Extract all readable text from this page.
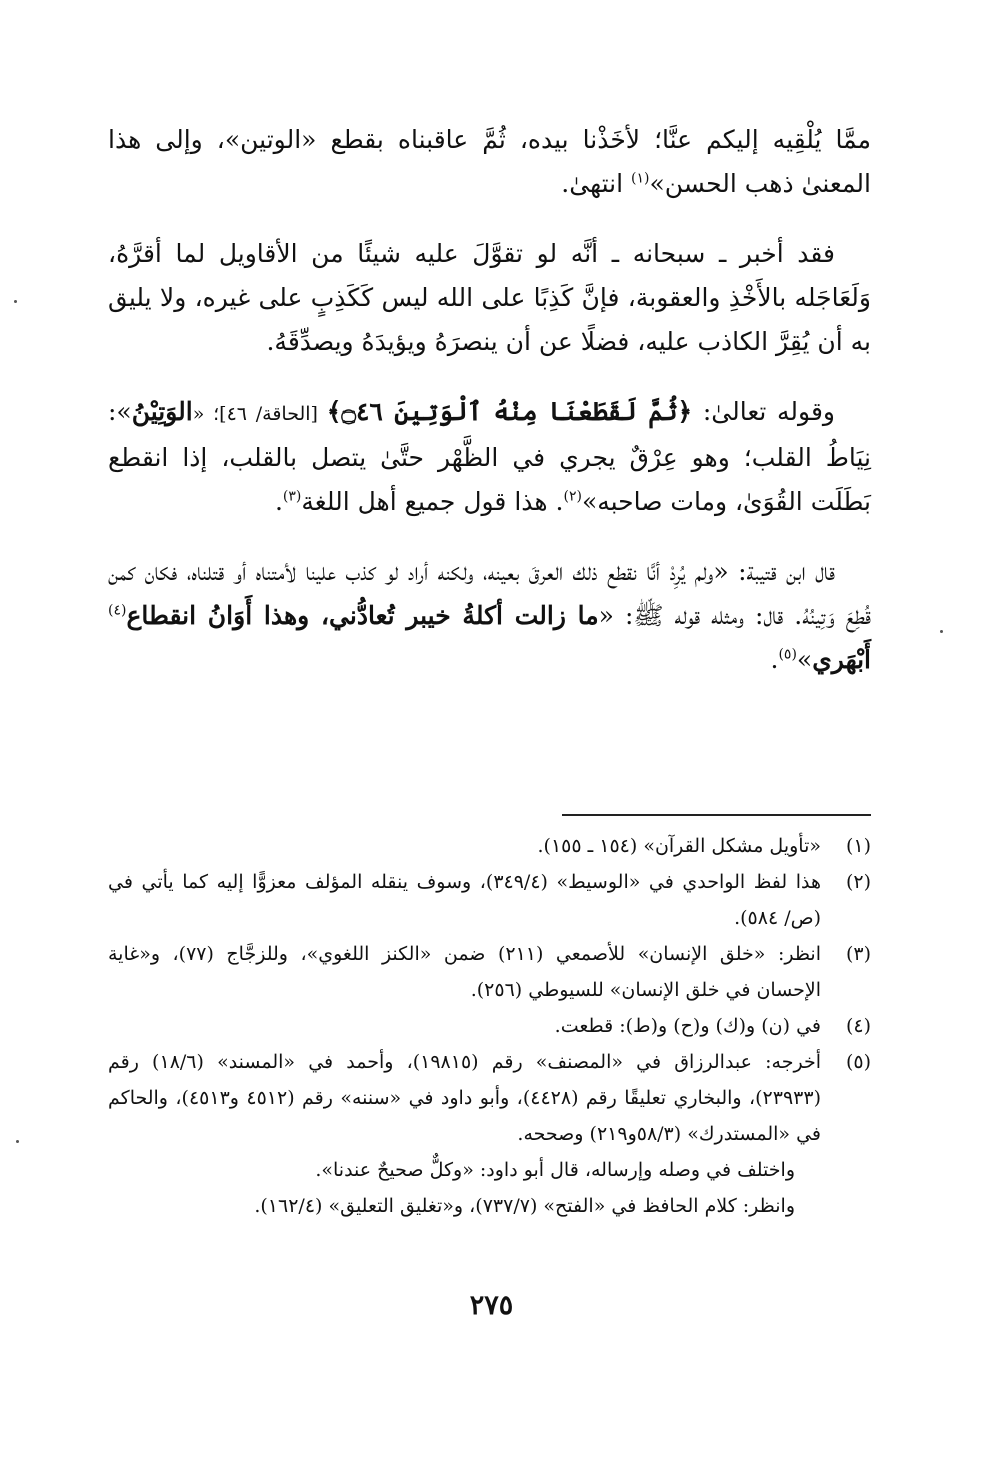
ممَّا يُلْقِيه إليكم عنَّا؛ لأخَذْنا بيده، ثُمَّ عاقبناه بقطع «الوتين»، وإلى هذا المعنىٰ ذهب الحسن»$^{(١)}$ انتهىٰ.

فقد أخبر ـ سبحانه ـ أنَّه لو تقوَّلَ عليه شيئًا من الأقاويل لما أقرَّهُ، وَلَعَاجَله بالأَخْذِ والعقوبة، فإنَّ كَذِبًا على الله ليس كَكَذِبٍ على غيره، ولا يليق به أن يُقِرَّ الكاذب عليه، فضلًا عن أن ينصرَهُ ويؤيدَهُ ويصدِّقَهُ.

وقوله تعالىٰ: ﴿ثُمَّ لَقَطَعْنَا مِنْهُ ٱلْوَتِينَ ۝٤٦﴾ [الحاقة/ ٤٦]؛ «الوَتِيْنُ»: نِيَاطُ القلب؛ وهو عِرْقٌ يجري في الظَّهْر حتَّىٰ يتصل بالقلب، إذا انقطع بَطَلَت القُوَىٰ، ومات صاحبه»$^{(٢)}$. هذا قول جميع أهل اللغة$^{(٣)}$.

قال ابن قتيبة: «ولم يُرِدْ أنَّا نقطع ذلك العرقَ بعينه، ولكنه أراد لو كذب علينا لأمتناه أو قتلناه، فكان كمن قُطِعَ وَتِينُهُ. قال: ومثله قوله ﷺ: «ما زالت أكلةُ خيبر تُعادُّني، وهذا أَوَانُ انقطاع$^{(٤)}$ أَبْهَري»$^{(٥)}$.

(١)
«تأويل مشكل القرآن» (١٥٤ ـ ١٥٥).
(٢)
هذا لفظ الواحدي في «الوسيط» (٣٤٩/٤)، وسوف ينقله المؤلف معزوًّا إليه كما يأتي في (ص/ ٥٨٤).
(٣)
انظر: «خلق الإنسان» للأصمعي (٢١١) ضمن «الكنز اللغوي»، وللزجَّاج (٧٧)، و«غاية الإحسان في خلق الإنسان» للسيوطي (٢٥٦).
(٤)
في (ن) و(ك) و(ح) و(ط): قطعت.
(٥)
أخرجه: عبدالرزاق في «المصنف» رقم (١٩٨١٥)، وأحمد في «المسند» (١٨/٦) رقم (٢٣٩٣٣)، والبخاري تعليقًا رقم (٤٤٢٨)، وأبو داود في «سننه» رقم (٤٥١٢ و٤٥١٣)، والحاكم في «المستدرك» (٥٨/٣و٢١٩) وصححه.
واختلف في وصله وإرساله، قال أبو داود: «وكلٌّ صحيحٌ عندنا».
وانظر: كلام الحافظ في «الفتح» (٧٣٧/٧)، و«تغليق التعليق» (١٦٢/٤).
٢٧٥
